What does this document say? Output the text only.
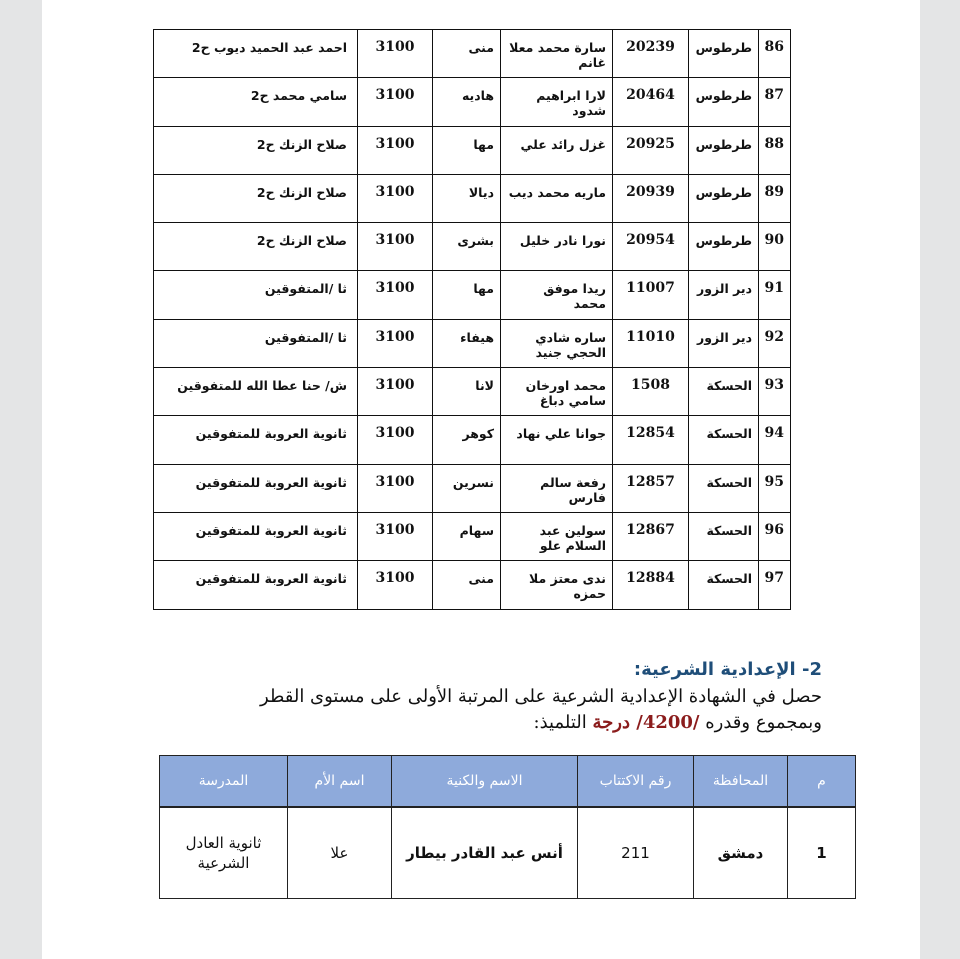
86	طرطوس	20239	سارة محمد معلا غانم	منى	3100	احمد عبد الحميد ديوب ح2
87	طرطوس	20464	لارا ابراهيم شدود	هاديه	3100	سامي محمد ح2
88	طرطوس	20925	غزل رائد علي	مها	3100	صلاح الزنك ح2
89	طرطوس	20939	ماريه محمد ديب	ديالا	3100	صلاح الزنك ح2
90	طرطوس	20954	نورا نادر خليل	بشرى	3100	صلاح الزنك ح2
91	دير الزور	11007	ريدا موفق محمد	مها	3100	ثا /المتفوقين
92	دير الزور	11010	ساره شادي الحجي جنيد	هيفاء	3100	ثا /المتفوقين
93	الحسكة	1508	محمد اورخان سامي دباغ	لانا	3100	ش/ حنا عطا الله للمتفوقين
94	الحسكة	12854	جوانا علي نهاد	كوهر	3100	ثانوية العروبة للمتفوقين
95	الحسكة	12857	رفعة سالم فارس	نسرين	3100	ثانوية العروبة للمتفوقين
96	الحسكة	12867	سولين عبد السلام علو	سهام	3100	ثانوية العروبة للمتفوقين
97	الحسكة	12884	ندى معتز ملا حمزه	منى	3100	ثانوية العروبة للمتفوقين
2- الإعدادية الشرعية:
حصل في الشهادة الإعدادية الشرعية على المرتبة الأولى على مستوى القطر
وبمجموع وقدره /4200/ درجة التلميذ:
م	المحافظة	رقم الاكتتاب	الاسم والكنية	اسم الأم	المدرسة
1	دمشق	211	أنس عبد القادر بيطار	علا	ثانوية العادل الشرعية
